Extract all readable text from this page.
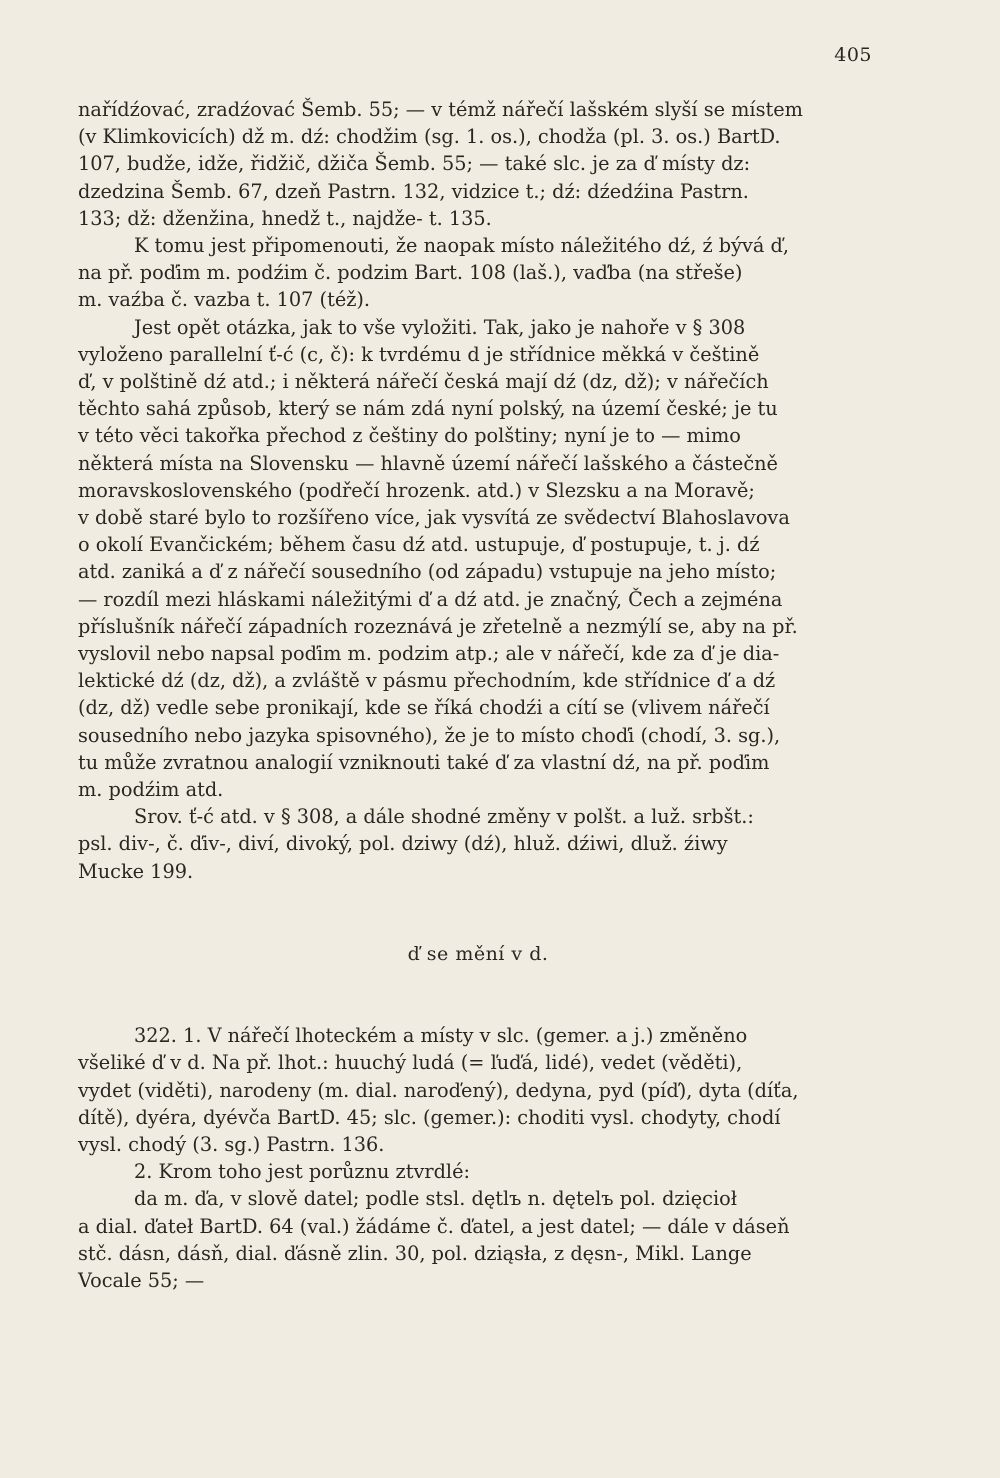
405
nařídźovać, zradźovać Šemb. 55; — v témž nářečí lašském slyší se místem
(v Klimkovicích) dž m. dź: chodžim (sg. 1. os.), chodža (pl. 3. os.) BartD.
107, budže, idže, řidžič, džiča Šemb. 55; — také slc. je za ď místy dz:
dzedzina Šemb. 67, dzeň Pastrn. 132, vidzice t.; dź: dźedźina Pastrn.
133; dž: dženžina, hnedž t., najdže- t. 135.
K tomu jest připomenouti, že naopak místo náležitého dź, ź bývá ď,
na př. poďim m. podźim č. podzim Bart. 108 (laš.), vaďba (na střeše)
m. vaźba č. vazba t. 107 (též).
Jest opět otázka, jak to vše vyložiti. Tak, jako je nahoře v § 308
vyloženo parallelní ť-ć (c, č): k tvrdému d je střídnice měkká v češtině
ď, v polštině dź atd.; i některá nářečí česká mají dź (dz, dž); v nářečích
těchto sahá způsob, který se nám zdá nyní polský, na území české; je tu
v této věci takořka přechod z češtiny do polštiny; nyní je to — mimo
některá místa na Slovensku — hlavně území nářečí lašského a částečně
moravskoslovenského (podřečí hrozenk. atd.) v Slezsku a na Moravě;
v době staré bylo to rozšířeno více, jak vysvítá ze svědectví Blahoslavova
o okolí Evančickém; během času dź atd. ustupuje, ď postupuje, t. j. dź
atd. zaniká a ď z nářečí sousedního (od západu) vstupuje na jeho místo;
— rozdíl mezi hláskami náležitými ď a dź atd. je značný, Čech a zejména
příslušník nářečí západních rozeznává je zřetelně a nezmýlí se, aby na př.
vyslovil nebo napsal poďim m. podzim atp.; ale v nářečí, kde za ď je dia-
lektické dź (dz, dž), a zvláště v pásmu přechodním, kde střídnice ď a dź
(dz, dž) vedle sebe pronikají, kde se říká chodźi a cítí se (vlivem nářečí
sousedního nebo jazyka spisovného), že je to místo choďi (chodí, 3. sg.),
tu může zvratnou analogií vzniknouti také ď za vlastní dź, na př. poďim
m. podźim atd.
Srov. ť-ć atd. v § 308, a dále shodné změny v polšt. a luž. srbšt.:
psl. div-, č. ďiv-, diví, divoký, pol. dziwy (dź), hluž. dźiwi, dluž. źiwy
Mucke 199.
ď se mění v d.
322. 1. V nářečí lhoteckém a místy v slc. (gemer. a j.) změněno
všeliké ď v d. Na př. lhot.: huuchý ludá (= ľuďá, lidé), vedet (věděti),
vydet (viděti), narodeny (m. dial. naroďený), dedyna, pyd (píď), dyta (díťa,
dítě), dyéra, dyévča BartD. 45; slc. (gemer.): choditi vysl. chodyty, chodí
vysl. chodý (3. sg.) Pastrn. 136.
2. Krom toho jest porůznu ztvrdlé:
da m. ďa, v slově datel; podle stsl. dętlъ n. dętelъ pol. dzięcioł
a dial. ďateł BartD. 64 (val.) žádáme č. ďatel, a jest datel; — dále v dáseň
stč. dásn, dásň, dial. ďásně zlin. 30, pol. dziąsła, z dęsn-, Mikl. Lange
Vocale 55; —
